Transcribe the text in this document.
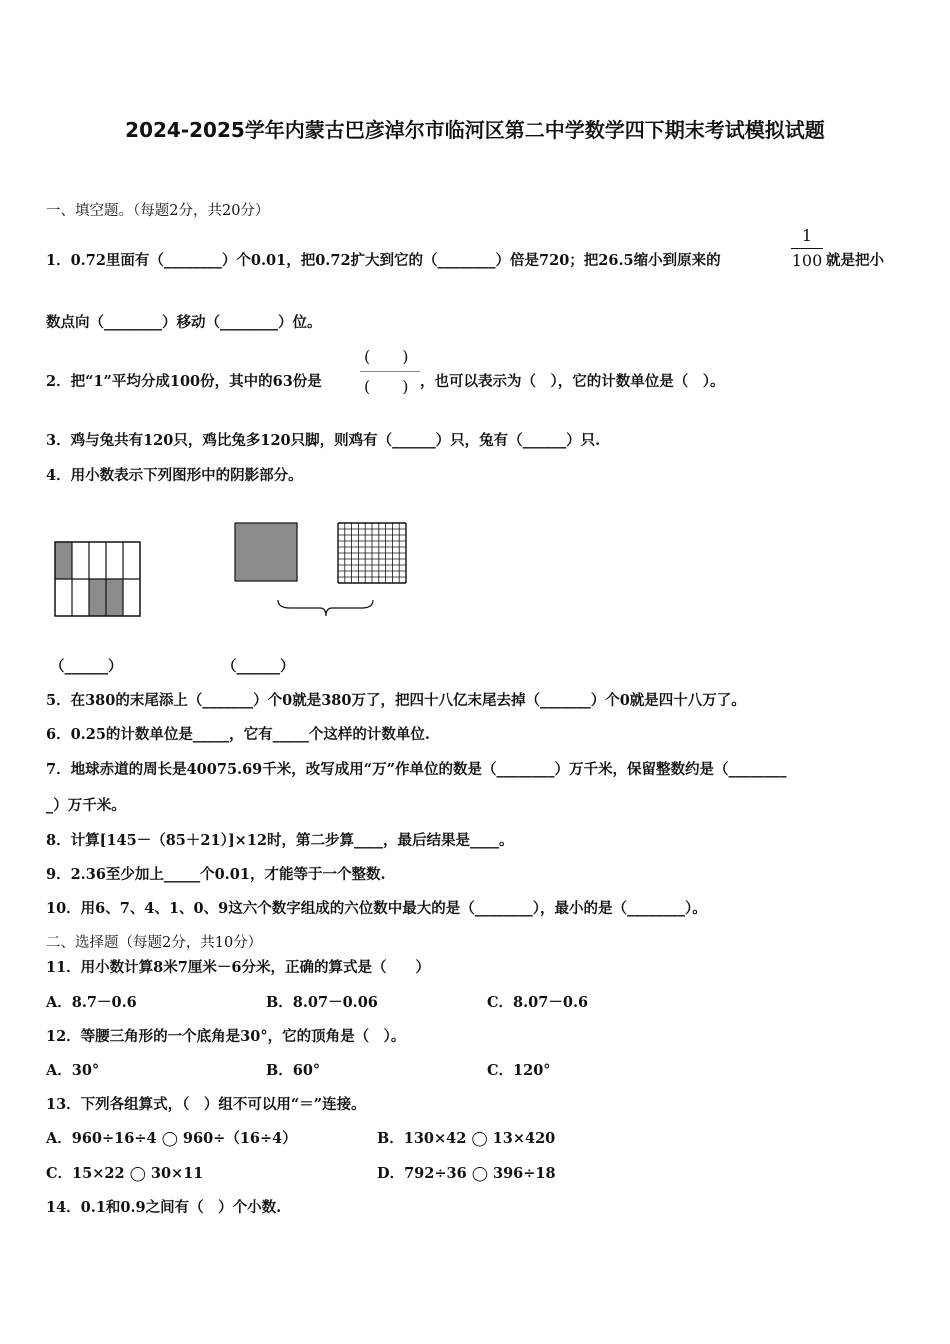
2024-2025学年内蒙古巴彦淖尔市临河区第二中学数学四下期末考试模拟试题
一、填空题。（每题2分，共20分）
1．0.72里面有（________）个0.01，把0.72扩大到它的（________）倍是720；把26.5缩小到原来的
1
100 就是把小
数点向（________）移动（________）位。
2．把“1”平均分成100份，其中的63份是
(　　)
(　　) ，也可以表示为（　），它的计数单位是（　）。
3．鸡与兔共有120只，鸡比兔多120只脚，则鸡有（______）只，兔有（______）只.
4．用小数表示下列图形中的阴影部分。
（______）	（______）
5．在380的末尾添上（_______）个0就是380万了，把四十八亿末尾去掉（_______）个0就是四十八万了。
6．0.25的计数单位是_____，它有_____个这样的计数单位.
7．地球赤道的周长是40075.69千米，改写成用“万”作单位的数是（________）万千米，保留整数约是（________
_）万千米。
8．计算[145－（85＋21）]×12时，第二步算____，最后结果是____。
9．2.36至少加上_____个0.01，才能等于一个整数.
10．用6、7、4、1、0、9这六个数字组成的六位数中最大的是（________），最小的是（________）。
二、选择题（每题2分，共10分）
11．用小数计算8米7厘米－6分米，正确的算式是（　　）
A．8.7－0.6	B．8.07－0.06	C．8.07－0.6
12．等腰三角形的一个底角是30°，它的顶角是（　）。
A．30°	B．60°	C．120°
13．下列各组算式，（　）组不可以用“＝”连接。
A．960÷16÷4 ◯ 960÷（16÷4）	B．130×42 ◯ 13×420
C．15×22 ◯ 30×11	D．792÷36 ◯ 396÷18
14．0.1和0.9之间有（　）个小数.
